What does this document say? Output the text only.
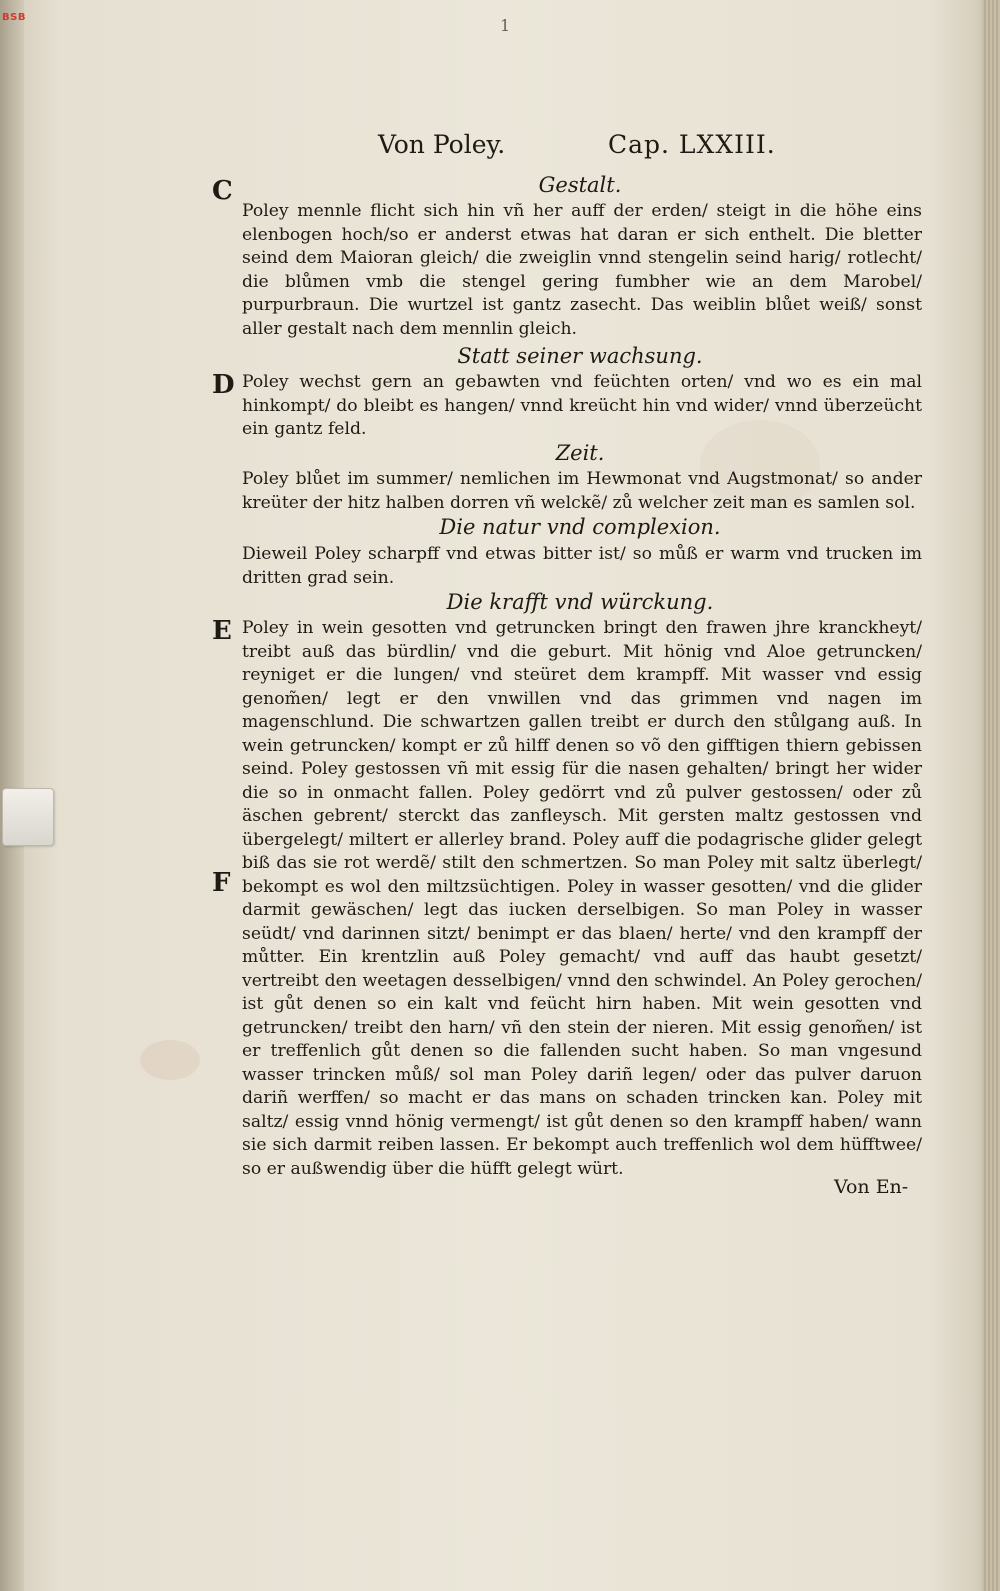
BSB	1
Von Poley.	Cap. LXXIII.
C	Gestalt.
Poley mennle flicht sich hin vñ her auff der erden/ steigt in die höhe eins elenbogen hoch/so er anderst etwas hat daran er sich enthelt. Die bletter seind dem Maioran gleich/ die zweiglin vnnd stengelin seind harig/ rotlecht/ die blůmen vmb die stengel gering fumbher wie an dem Marobel/ purpurbraun. Die wurtzel ist gantz zasecht. Das weiblin blůet weiß/ sonst aller gestalt nach dem mennlin gleich.
Statt seiner wachsung.
D Poley wechst gern an gebawten vnd feüchten orten/ vnd wo es ein mal hinkompt/ do bleibt es hangen/ vnnd kreücht hin vnd wider/ vnnd überzeücht ein gantz feld.
Zeit.
Poley blůet im summer/ nemlichen im Hewmonat vnd Augstmonat/ so ander kreüter der hitz halben dorren vñ welckẽ/ zů welcher zeit man es samlen sol.
Die natur vnd complexion.
Dieweil Poley scharpff vnd etwas bitter ist/ so můß er warm vnd trucken im dritten grad sein.
Die krafft vnd würckung.
E Poley in wein gesotten vnd getruncken bringt den frawen jhre kranckheyt/ treibt auß das bürdlin/ vnd die geburt. Mit hönig vnd Aloe getruncken/ reyniget er die lungen/ vnd steüret dem krampff. Mit wasser vnd essig genom̃en/ legt er den vnwillen vnd das grimmen vnd nagen im magenschlund. Die schwartzen gallen treibt er durch den stůlgang auß. In wein getruncken/ kompt er zů hilff denen so võ den gifftigen thiern gebissen seind. Poley gestossen vñ mit essig für die nasen gehalten/ bringt her wider die so in onmacht fallen. Poley gedörrt vnd zů pulver gestossen/ oder zů äschen gebrent/ sterckt das zanfleysch. Mit gersten maltz gestossen vnd übergelegt/ miltert er allerley brand. Poley auff die podagrische glider gelegt biß das sie rot werdẽ/ stilt den schmertzen. So man Poley mit saltz überlegt/ bekompt es wol den miltzsüchtigen. Poley in wasser gesotten/ vnd die glider darmit gewäschen/ legt das iucken derselbigen. So man Poley in wasser seüdt/ vnd darinnen sitzt/ benimpt er das blaen/ herte/ vnd den krampff der můtter. Ein krentzlin auß Poley gemacht/ vnd auff das haubt gesetzt/ vertreibt den weetagen desselbigen/ vnnd den schwindel. An Poley gerochen/ ist gůt denen so ein kalt vnd feücht hirn haben. Mit wein gesotten vnd getruncken/ treibt den harn/ vñ den stein der nieren. Mit essig genom̃en/ ist er treffenlich gůt denen so die fallenden sucht haben. So man vngesund wasser trincken můß/ sol man Poley dariñ legen/ oder das pulver daruon dariñ werffen/ so macht er das mans on schaden trincken kan. Poley mit saltz/ essig vnnd hönig vermengt/ ist gůt denen so den krampff haben/ wann sie sich darmit reiben lassen. Er bekompt auch treffenlich wol dem hüfftwee/ so er außwendig über die hüfft gelegt würt.
F
Von En-
